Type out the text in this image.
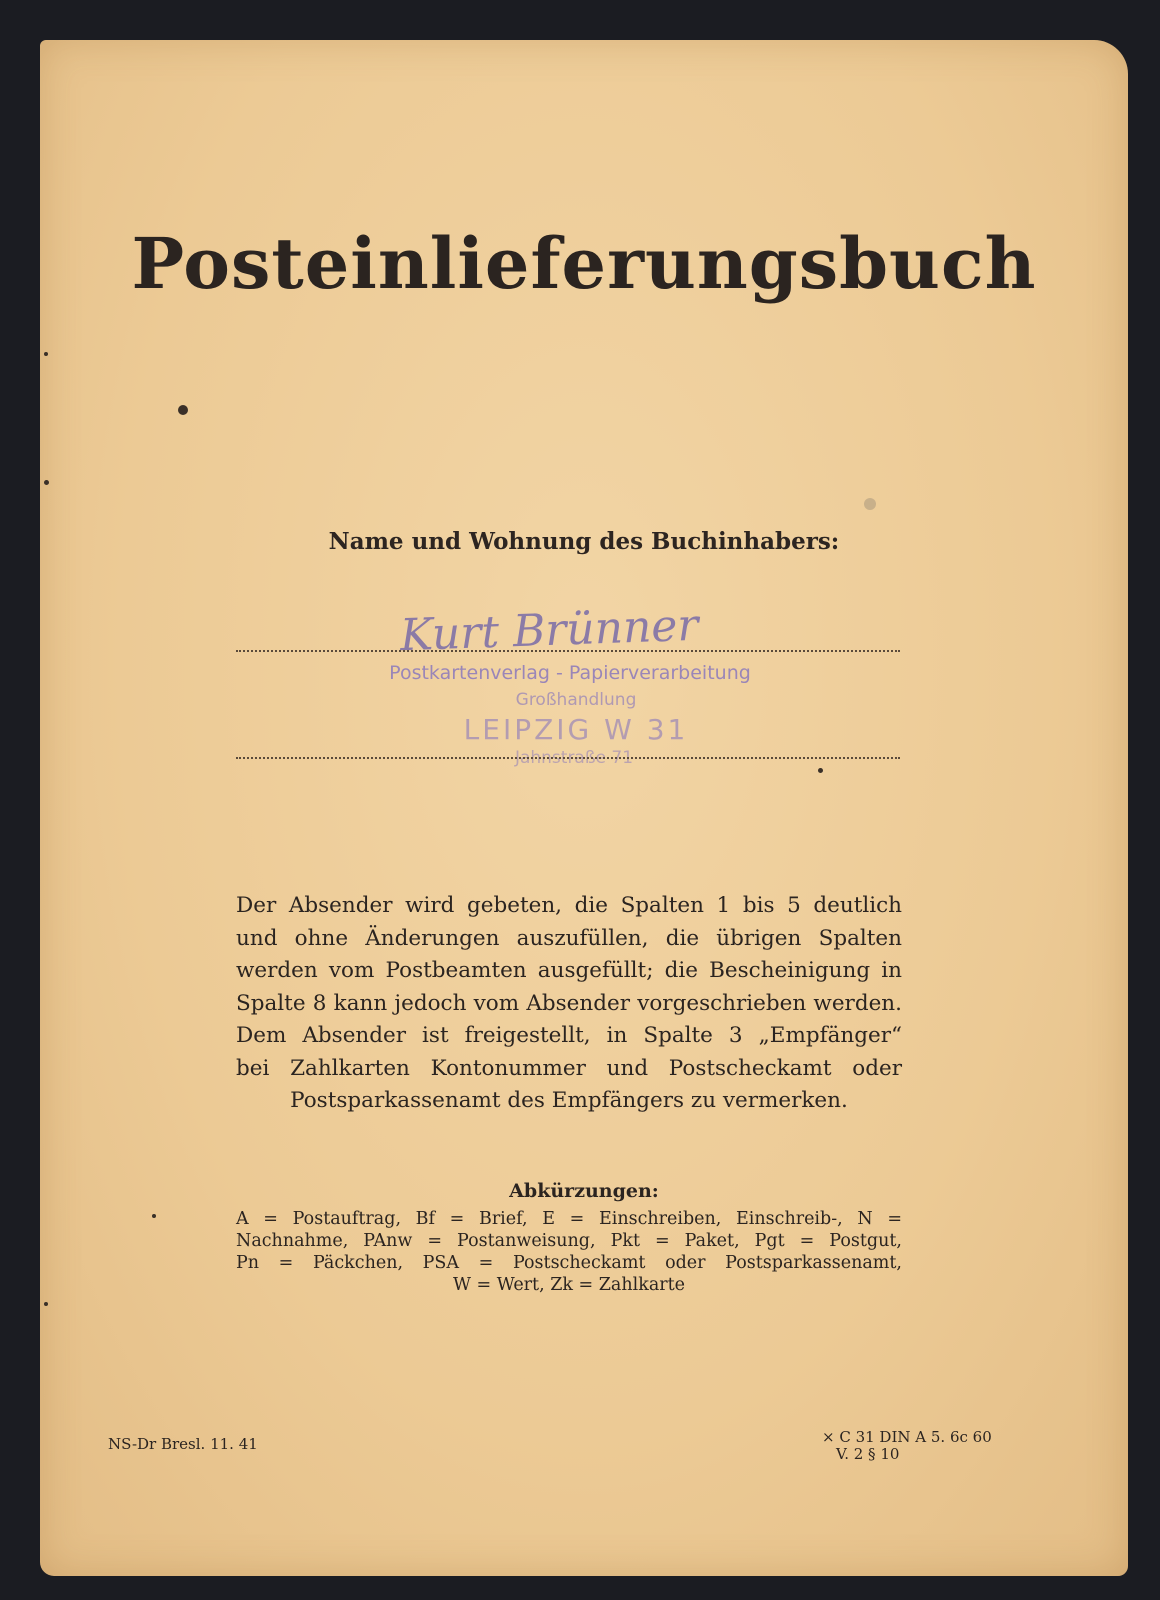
Posteinlieferungsbuch
Name und Wohnung des Buchinhabers:
Kurt Brünner
Postkartenverlag - Papierverarbeitung
Großhandlung
LEIPZIG W 31
Jahnstraße 71

Der Absender wird gebeten, die Spalten 1 bis 5 deutlich

und ohne Änderungen auszufüllen, die übrigen Spalten

werden vom Postbeamten ausgefüllt; die Bescheinigung in

Spalte 8 kann jedoch vom Absender vorgeschrieben werden.

Dem Absender ist freigestellt, in Spalte 3 „Empfänger“

bei Zahlkarten Kontonummer und Postscheckamt oder

Postsparkassenamt des Empfängers zu vermerken.

Abkürzungen:

A = Postauftrag, Bf = Brief, E = Einschreiben, Einschreib-, N =

Nachnahme, PAnw = Postanweisung, Pkt = Paket, Pgt = Postgut,

Pn = Päckchen, PSA = Postscheckamt oder Postsparkassenamt,

W = Wert, Zk = Zahlkarte

NS-Dr Bresl. 11. 41	× C 31 DIN A 5. 6c 60
V. 2 § 10
